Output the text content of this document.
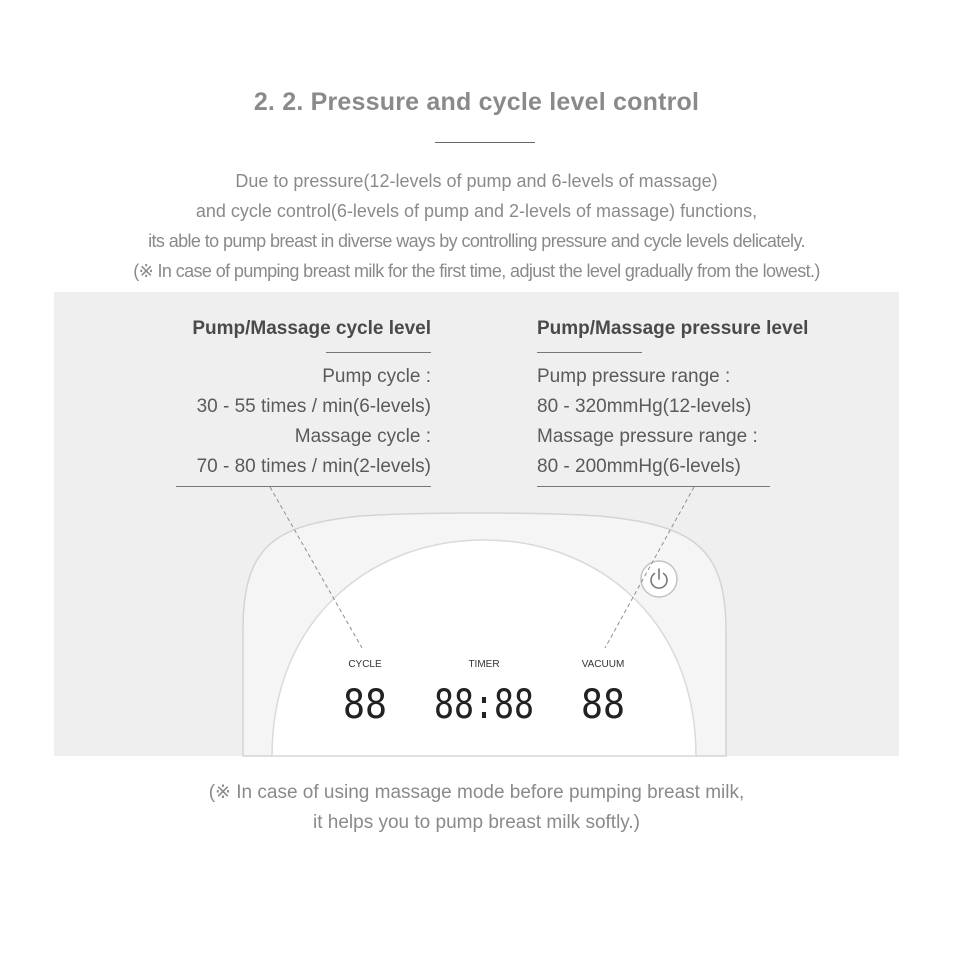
2. 2. Pressure and cycle level control
Due to pressure(12-levels of pump and 6-levels of massage)
and cycle control(6-levels of pump and 2-levels of massage) functions,
its able to pump breast in diverse ways by controlling pressure and cycle levels delicately.
(※ In case of pumping breast milk for the first time, adjust the level gradually from the lowest.)
CYCLE	TIMER	VACUUM
88 88:88 88
Pump/Massage cycle level
Pump cycle :
30 - 55 times / min(6-levels)
Massage cycle :
70 - 80 times / min(2-levels)
Pump/Massage pressure level
Pump pressure range :
80 - 320mmHg(12-levels)
Massage pressure range :
80 - 200mmHg(6-levels)
(※ In case of using massage mode before pumping breast milk,
it helps you to pump breast milk softly.)
